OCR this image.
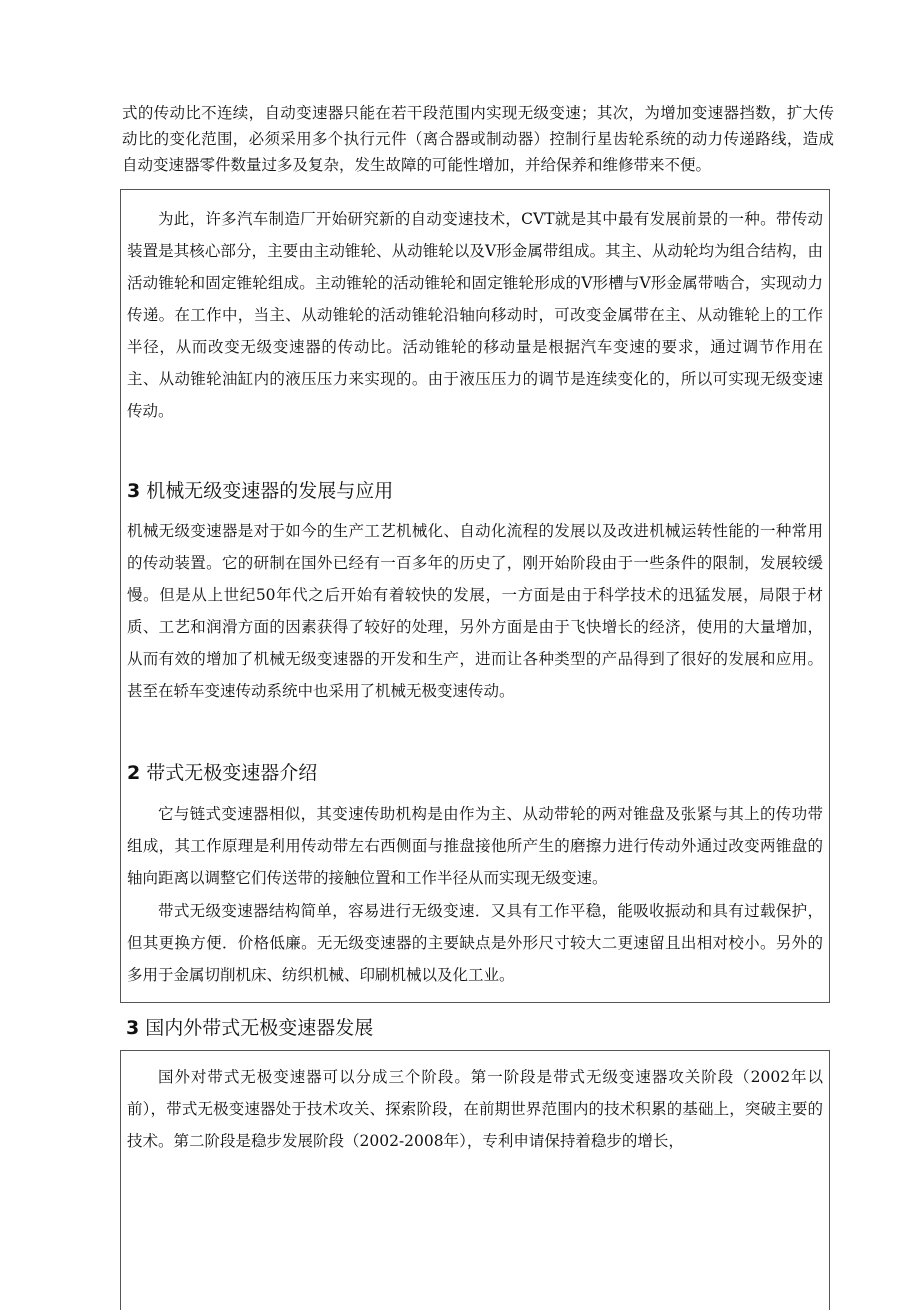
式的传动比不连续，自动变速器只能在若干段范围内实现无级变速；其次，为增加变速器挡数，扩大传动比的变化范围，必须采用多个执行元件（离合器或制动器）控制行星齿轮系统的动力传递路线，造成自动变速器零件数量过多及复杂，发生故障的可能性增加，并给保养和维修带来不便。

为此，许多汽车制造厂开始研究新的自动变速技术，CVT就是其中最有发展前景的一种。带传动装置是其核心部分，主要由主动锥轮、从动锥轮以及V形金属带组成。其主、从动轮均为组合结构，由活动锥轮和固定锥轮组成。主动锥轮的活动锥轮和固定锥轮形成的V形槽与V形金属带啮合，实现动力传递。在工作中，当主、从动锥轮的活动锥轮沿轴向移动时，可改变金属带在主、从动锥轮上的工作半径，从而改变无级变速器的传动比。活动锥轮的移动量是根据汽车变速的要求，通过调节作用在主、从动锥轮油缸内的液压压力来实现的。由于液压压力的调节是连续变化的，所以可实现无级变速传动。

3 机械无级变速器的发展与应用

机械无级变速器是对于如今的生产工艺机械化、自动化流程的发展以及改进机械运转性能的一种常用的传动装置。它的研制在国外已经有一百多年的历史了，刚开始阶段由于一些条件的限制，发展较缓慢。但是从上世纪50年代之后开始有着较快的发展，一方面是由于科学技术的迅猛发展，局限于材质、工艺和润滑方面的因素获得了较好的处理，另外方面是由于飞快增长的经济，使用的大量增加，从而有效的增加了机械无级变速器的开发和生产，进而让各种类型的产品得到了很好的发展和应用。甚至在轿车变速传动系统中也采用了机械无极变速传动。

2 带式无极变速器介绍

它与链式变速器相似，其变速传助机构是由作为主、从动带轮的两对锥盘及张紧与其上的传功带组成，其工作原理是利用传动带左右西侧面与推盘接他所产生的磨擦力进行传动外通过改变两锥盘的轴向距离以调整它们传送带的接触位置和工作半径从而实现无级变速。

带式无级变速器结构简单，容易进行无级变速．又具有工作平稳，能吸收振动和具有过载保护，但其更换方便．价格低廉。无无级变速器的主要缺点是外形尺寸较大二更速留且出相对校小。另外的多用于金属切削机床、纺织机械、印刷机械以及化工业。

3 国内外带式无极变速器发展

国外对带式无极变速器可以分成三个阶段。第一阶段是带式无级变速器攻关阶段（2002年以前），带式无极变速器处于技术攻关、探索阶段，在前期世界范围内的技术积累的基础上，突破主要的技术。第二阶段是稳步发展阶段（2002-2008年），专利申请保持着稳步的增长，
